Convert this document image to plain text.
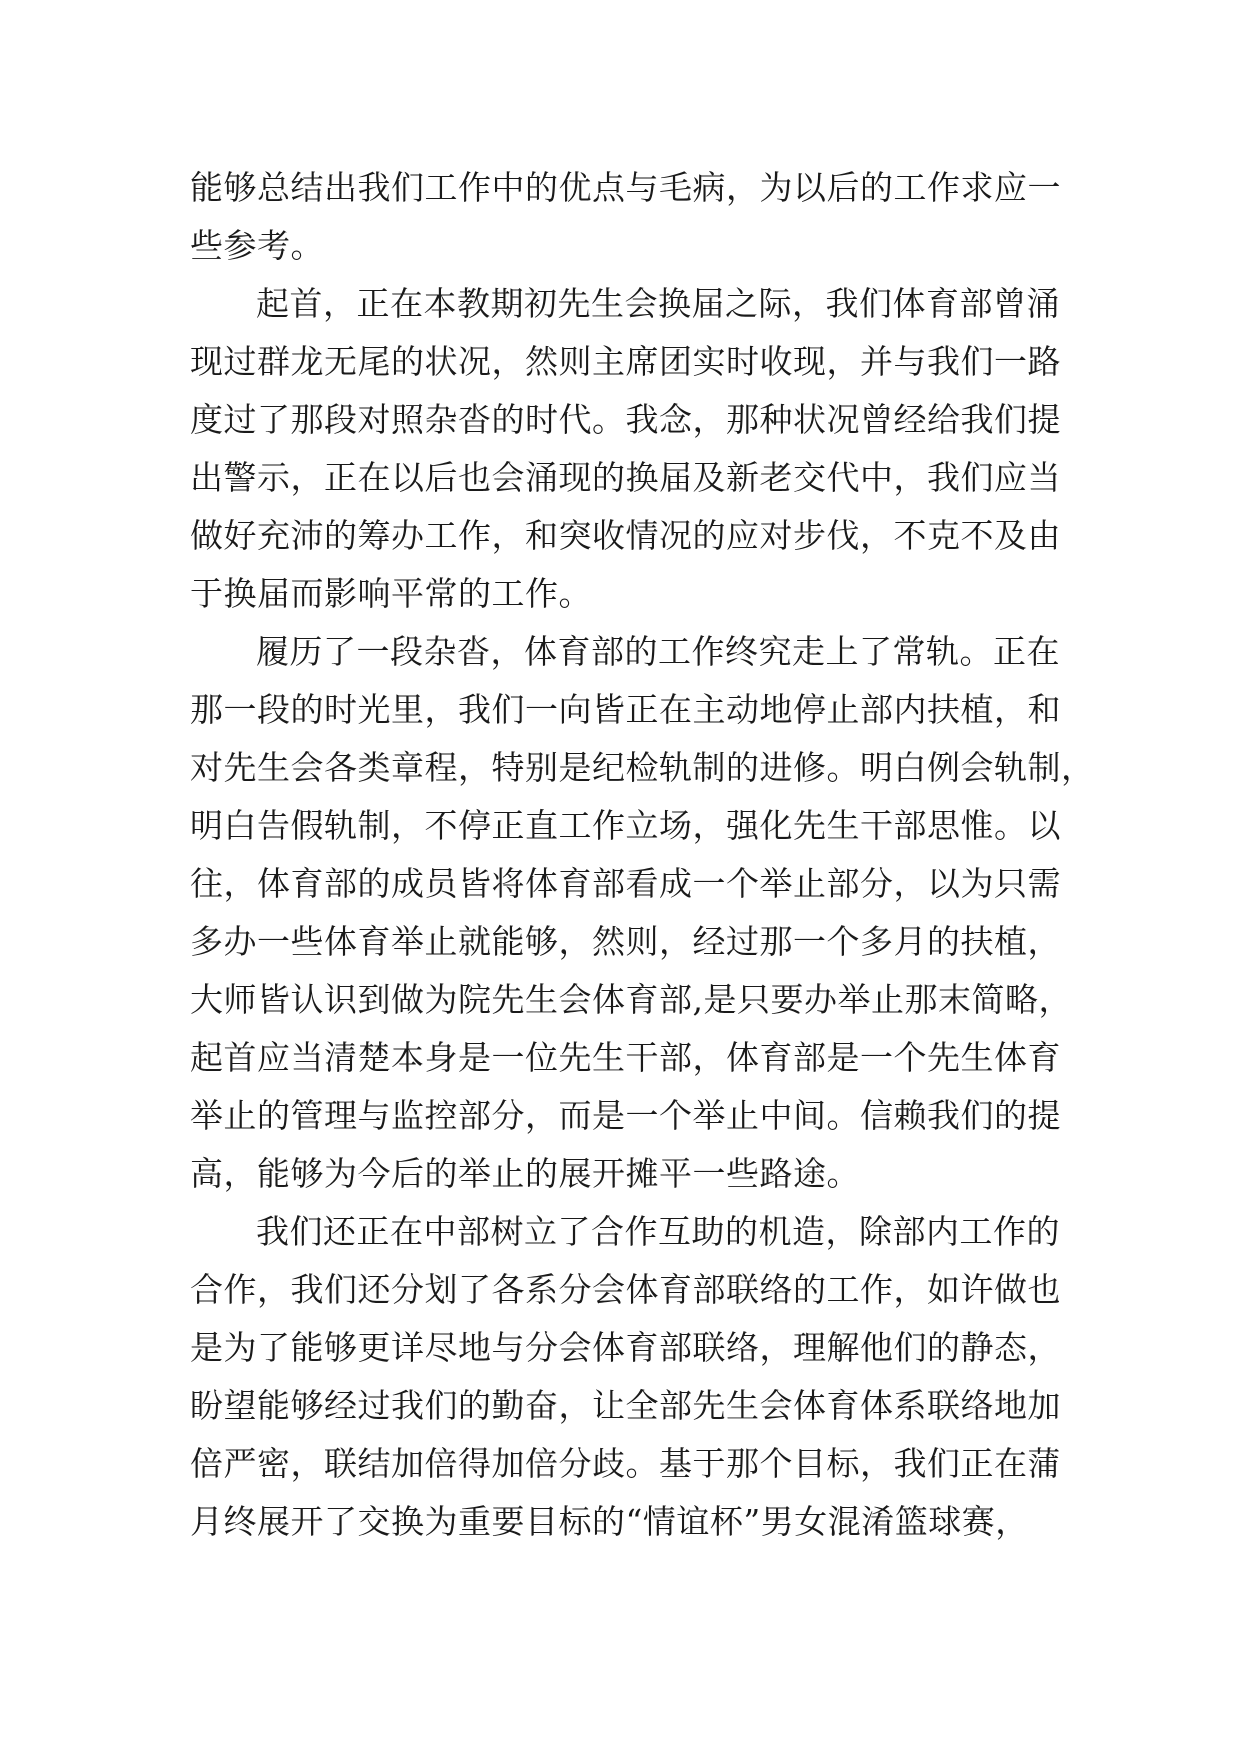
能够总结出我们工作中的优点与毛病，为以后的工作求应一
些参考。
起首，正在本教期初先生会换届之际，我们体育部曾涌
现过群龙无尾的状况，然则主席团实时收现，并与我们一路
度过了那段对照杂沓的时代。我念，那种状况曾经给我们提
出警示，正在以后也会涌现的换届及新老交代中，我们应当
做好充沛的筹办工作，和突收情况的应对步伐，不克不及由
于换届而影响平常的工作。
履历了一段杂沓，体育部的工作终究走上了常轨。正在
那一段的时光里，我们一向皆正在主动地停止部内扶植，和
对先生会各类章程，特别是纪检轨制的进修。明白例会轨制，
明白告假轨制，不停正直工作立场，强化先生干部思惟。以
往，体育部的成员皆将体育部看成一个举止部分，以为只需
多办一些体育举止就能够，然则，经过那一个多月的扶植，
大师皆认识到做为院先生会体育部,是只要办举止那末简略，
起首应当清楚本身是一位先生干部，体育部是一个先生体育
举止的管理与监控部分，而是一个举止中间。信赖我们的提
高，能够为今后的举止的展开摊平一些路途。
我们还正在中部树立了合作互助的机造，除部内工作的
合作，我们还分划了各系分会体育部联络的工作，如许做也
是为了能够更详尽地与分会体育部联络，理解他们的静态，
盼望能够经过我们的勤奋，让全部先生会体育体系联络地加
倍严密，联结加倍得加倍分歧。基于那个目标，我们正在蒲
月终展开了交换为重要目标的“情谊杯”男女混淆篮球赛，
